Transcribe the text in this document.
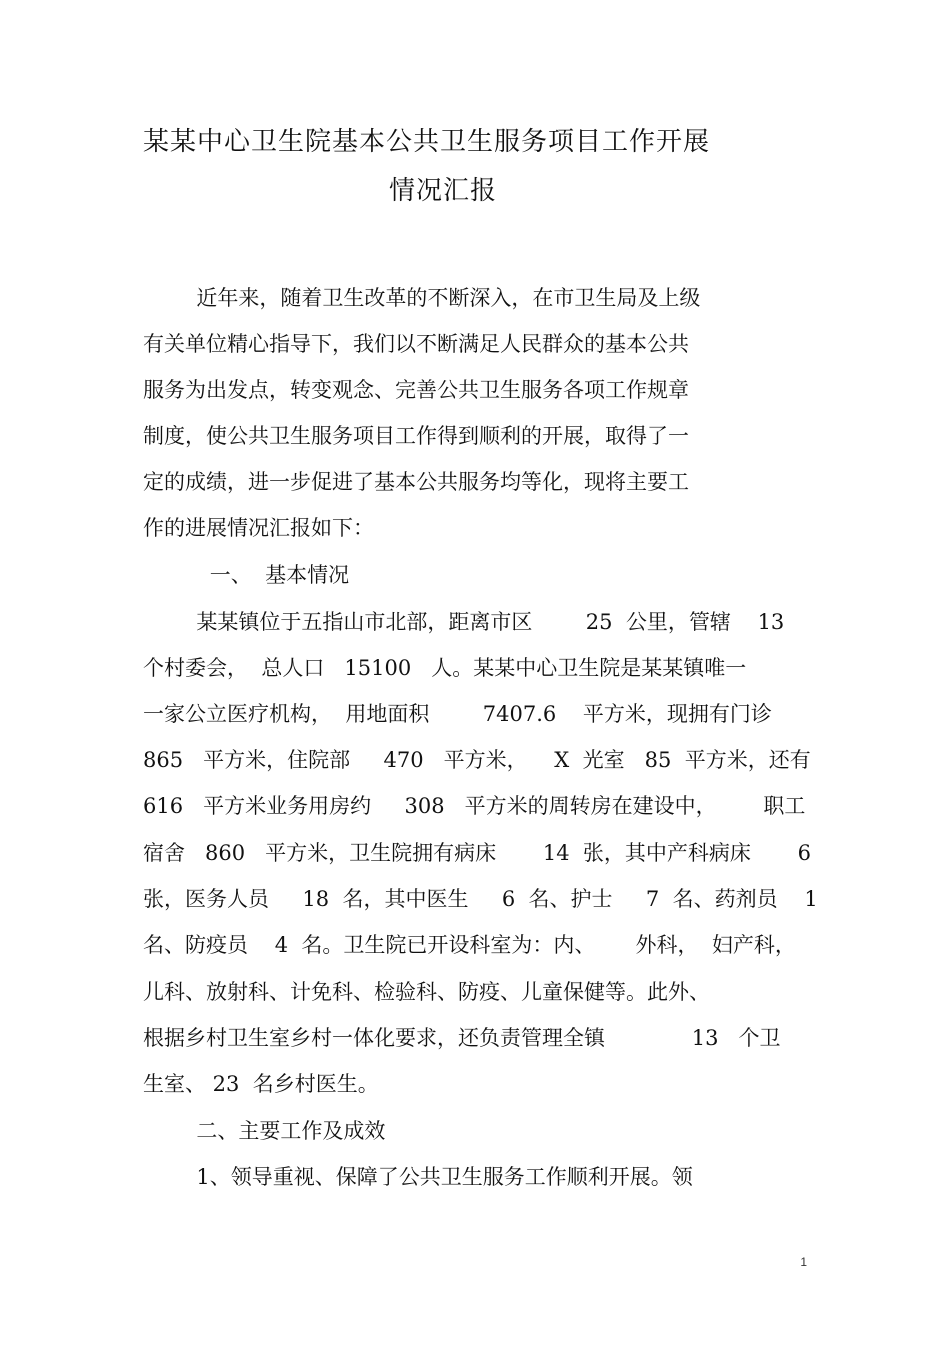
某某中心卫生院基本公共卫生服务项目工作开展
情况汇报

近年来，随着卫生改革的不断深入，在市卫生局及上级

有关单位精心指导下，我们以不断满足人民群众的基本公共

服务为出发点，转变观念、完善公共卫生服务各项工作规章

制度，使公共卫生服务项目工作得到顺利的开展，取得了一

定的成绩，进一步促进了基本公共服务均等化，现将主要工

作的进展情况汇报如下：

一、  基本情况

某某镇位于五指山市北部，距离市区        25  公里，管辖    13

个村委会，  总人口   15100   人。某某中心卫生院是某某镇唯一

一家公立医疗机构，  用地面积        7407.6    平方米，现拥有门诊

865   平方米，住院部     470   平方米，    X  光室   85  平方米，还有

616   平方米业务用房约     308   平方米的周转房在建设中，       职工

宿舍   860   平方米，卫生院拥有病床       14  张，其中产科病床       6

张，医务人员     18  名，其中医生     6  名、护士     7  名、药剂员    1

名、防疫员    4  名。卫生院已开设科室为：内、      外科，  妇产科，

儿科、放射科、计免科、检验科、防疫、儿童保健等。此外、

根据乡村卫生室乡村一体化要求，还负责管理全镇             13   个卫

生室、 23  名乡村医生。

二、主要工作及成效

1、领导重视、保障了公共卫生服务工作顺利开展。领

1
